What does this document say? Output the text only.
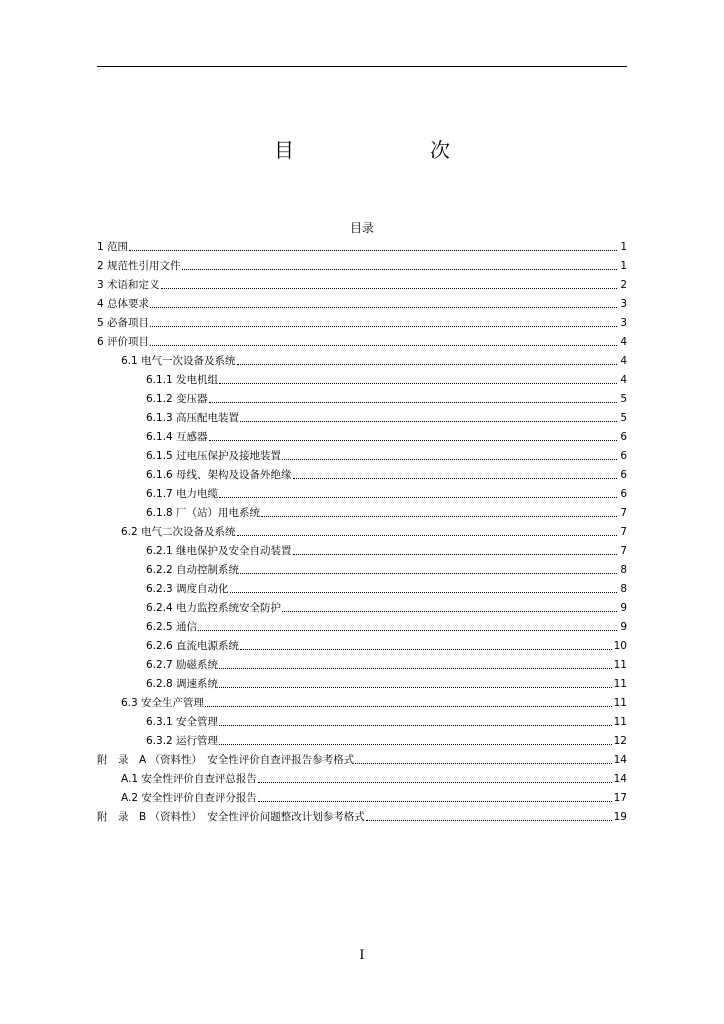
目　　次
目录
1 范围	1
2 规范性引用文件	1
3 术语和定义	2
4 总体要求	3
5 必备项目	3
6 评价项目	4
6.1 电气一次设备及系统	4
6.1.1 发电机组	4
6.1.2 变压器	5
6.1.3 高压配电装置	5
6.1.4 互感器	6
6.1.5 过电压保护及接地装置	6
6.1.6 母线、架构及设备外绝缘	6
6.1.7 电力电缆	6
6.1.8 厂（站）用电系统	7
6.2 电气二次设备及系统	7
6.2.1 继电保护及安全自动装置	7
6.2.2 自动控制系统	8
6.2.3 调度自动化	8
6.2.4 电力监控系统安全防护	9
6.2.5 通信	9
6.2.6 直流电源系统	10
6.2.7 励磁系统	11
6.2.8 调速系统	11
6.3 安全生产管理	11
6.3.1 安全管理	11
6.3.2 运行管理	12
附　录　A （资料性）　安全性评价自查评报告参考格式	14
A.1 安全性评价自查评总报告	14
A.2 安全性评价自查评分报告	17
附　录　B （资料性）　安全性评价问题整改计划参考格式	19
I
